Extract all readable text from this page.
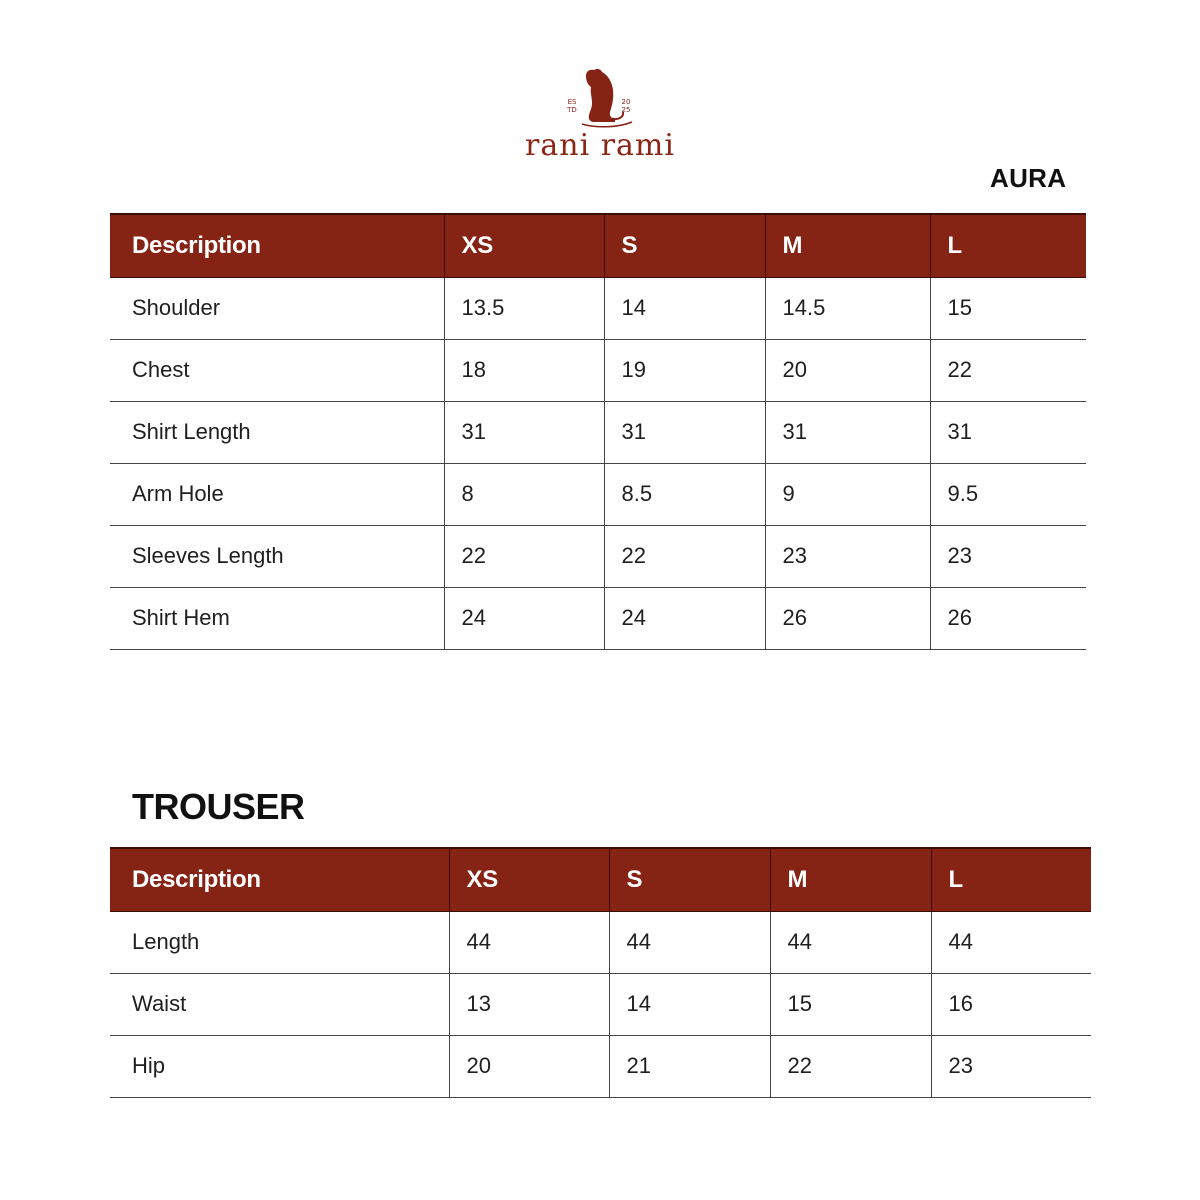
ES TD
20 25
rani rami
AURA
Description	XS	S	M	L
Shoulder	13.5	14	14.5	15
Chest	18	19	20	22
Shirt Length	31	31	31	31
Arm Hole	8	8.5	9	9.5
Sleeves Length	22	22	23	23
Shirt Hem	24	24	26	26
TROUSER
Description	XS	S	M	L
Length	44	44	44	44
Waist	13	14	15	16
Hip	20	21	22	23
